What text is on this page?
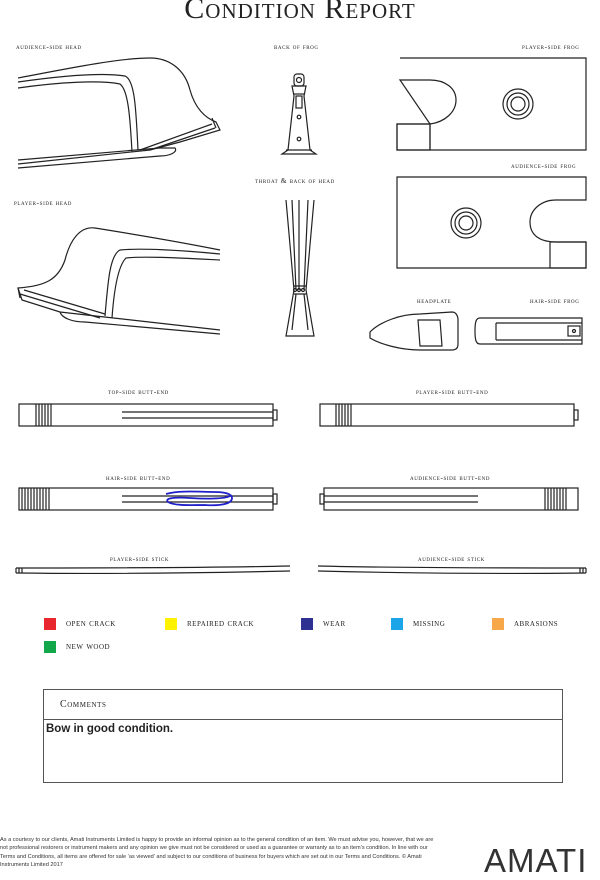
Condition Report
audience-side head	back of frog	player-side frog
audience-side frog
throat & back of head
player-side head
headplate	hair-side frog
top-side butt-end	player-side butt-end
hair-side butt-end	audience-side butt-end
player-side stick	audience-side stick
open crack	repaired crack	wear	missing	abrasions
new wood
Comments
Bow in good condition.
As a courtesy to our clients, Amati Instruments Limited is happy to provide an informal opinion as to the general condition of an item. We must advise you, however, that we are not professional restorers or instrument makers and any opinion we give must not be considered or used as a guarantee or warranty as to an item’s condition. In line with our Terms and Conditions, all items are offered for sale ‘as viewed’ and subject to our conditions of business for buyers which are set out in our Terms and Conditions. © Amati Instruments Limited 2017	AMATI
